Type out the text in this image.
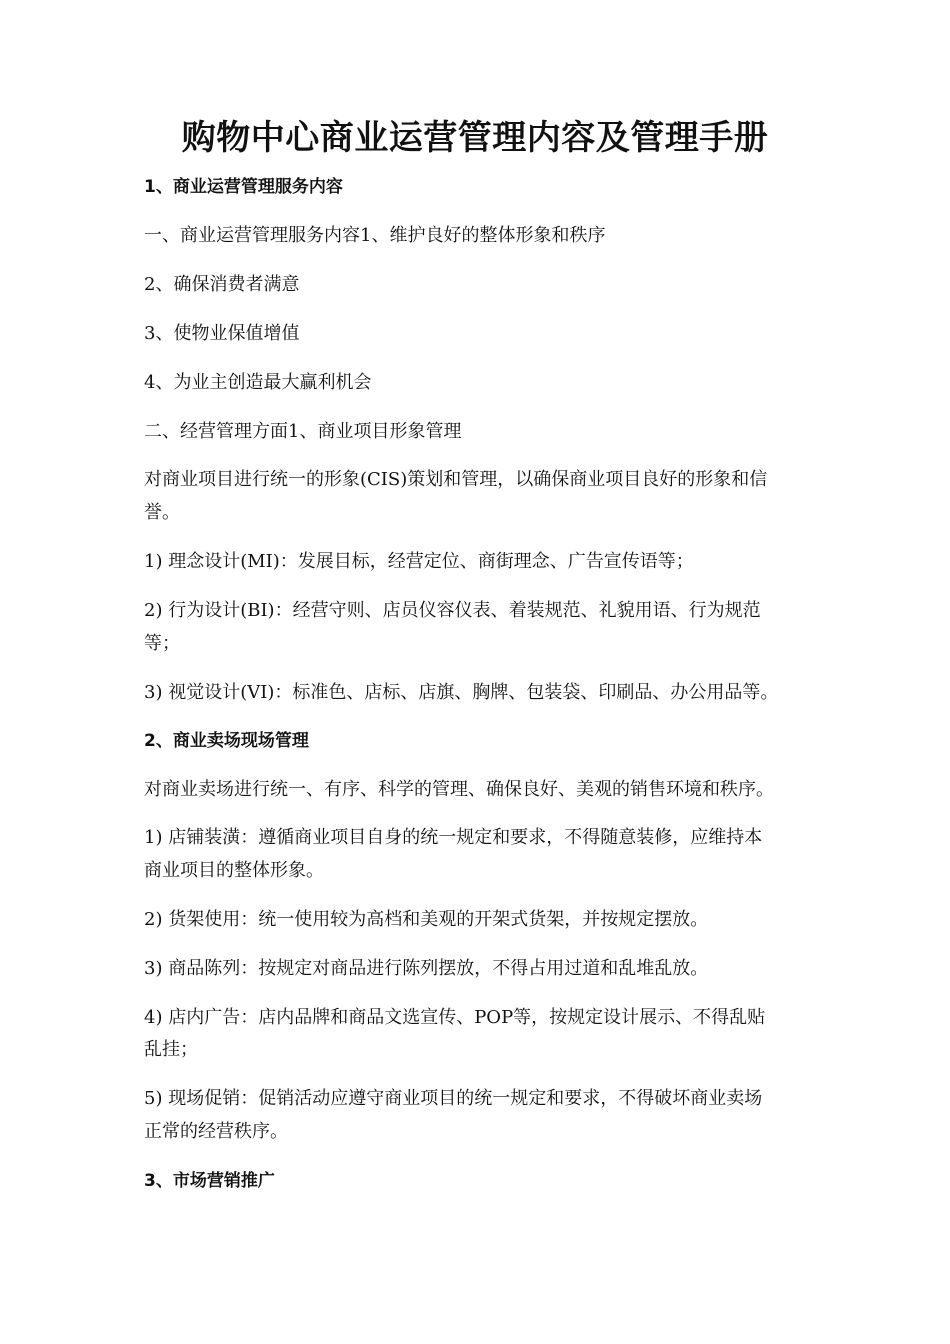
购物中心商业运营管理内容及管理手册
1、商业运营管理服务内容
一、商业运营管理服务内容1、维护良好的整体形象和秩序
2、确保消费者满意
3、使物业保值增值
4、为业主创造最大赢利机会
二、经营管理方面1、商业项目形象管理
对商业项目进行统一的形象(CIS)策划和管理，以确保商业项目良好的形象和信
誉。
1) 理念设计(MI)：发展目标，经营定位、商街理念、广告宣传语等；
2) 行为设计(BI)：经营守则、店员仪容仪表、着装规范、礼貌用语、行为规范
等；
3) 视觉设计(VI)：标准色、店标、店旗、胸牌、包装袋、印刷品、办公用品等。
2、商业卖场现场管理
对商业卖场进行统一、有序、科学的管理、确保良好、美观的销售环境和秩序。
1) 店铺装潢：遵循商业项目自身的统一规定和要求，不得随意装修，应维持本
商业项目的整体形象。
2) 货架使用：统一使用较为高档和美观的开架式货架，并按规定摆放。
3) 商品陈列：按规定对商品进行陈列摆放，不得占用过道和乱堆乱放。
4) 店内广告：店内品牌和商品文选宣传、POP等，按规定设计展示、不得乱贴
乱挂；
5) 现场促销：促销活动应遵守商业项目的统一规定和要求，不得破坏商业卖场
正常的经营秩序。
3、市场营销推广
